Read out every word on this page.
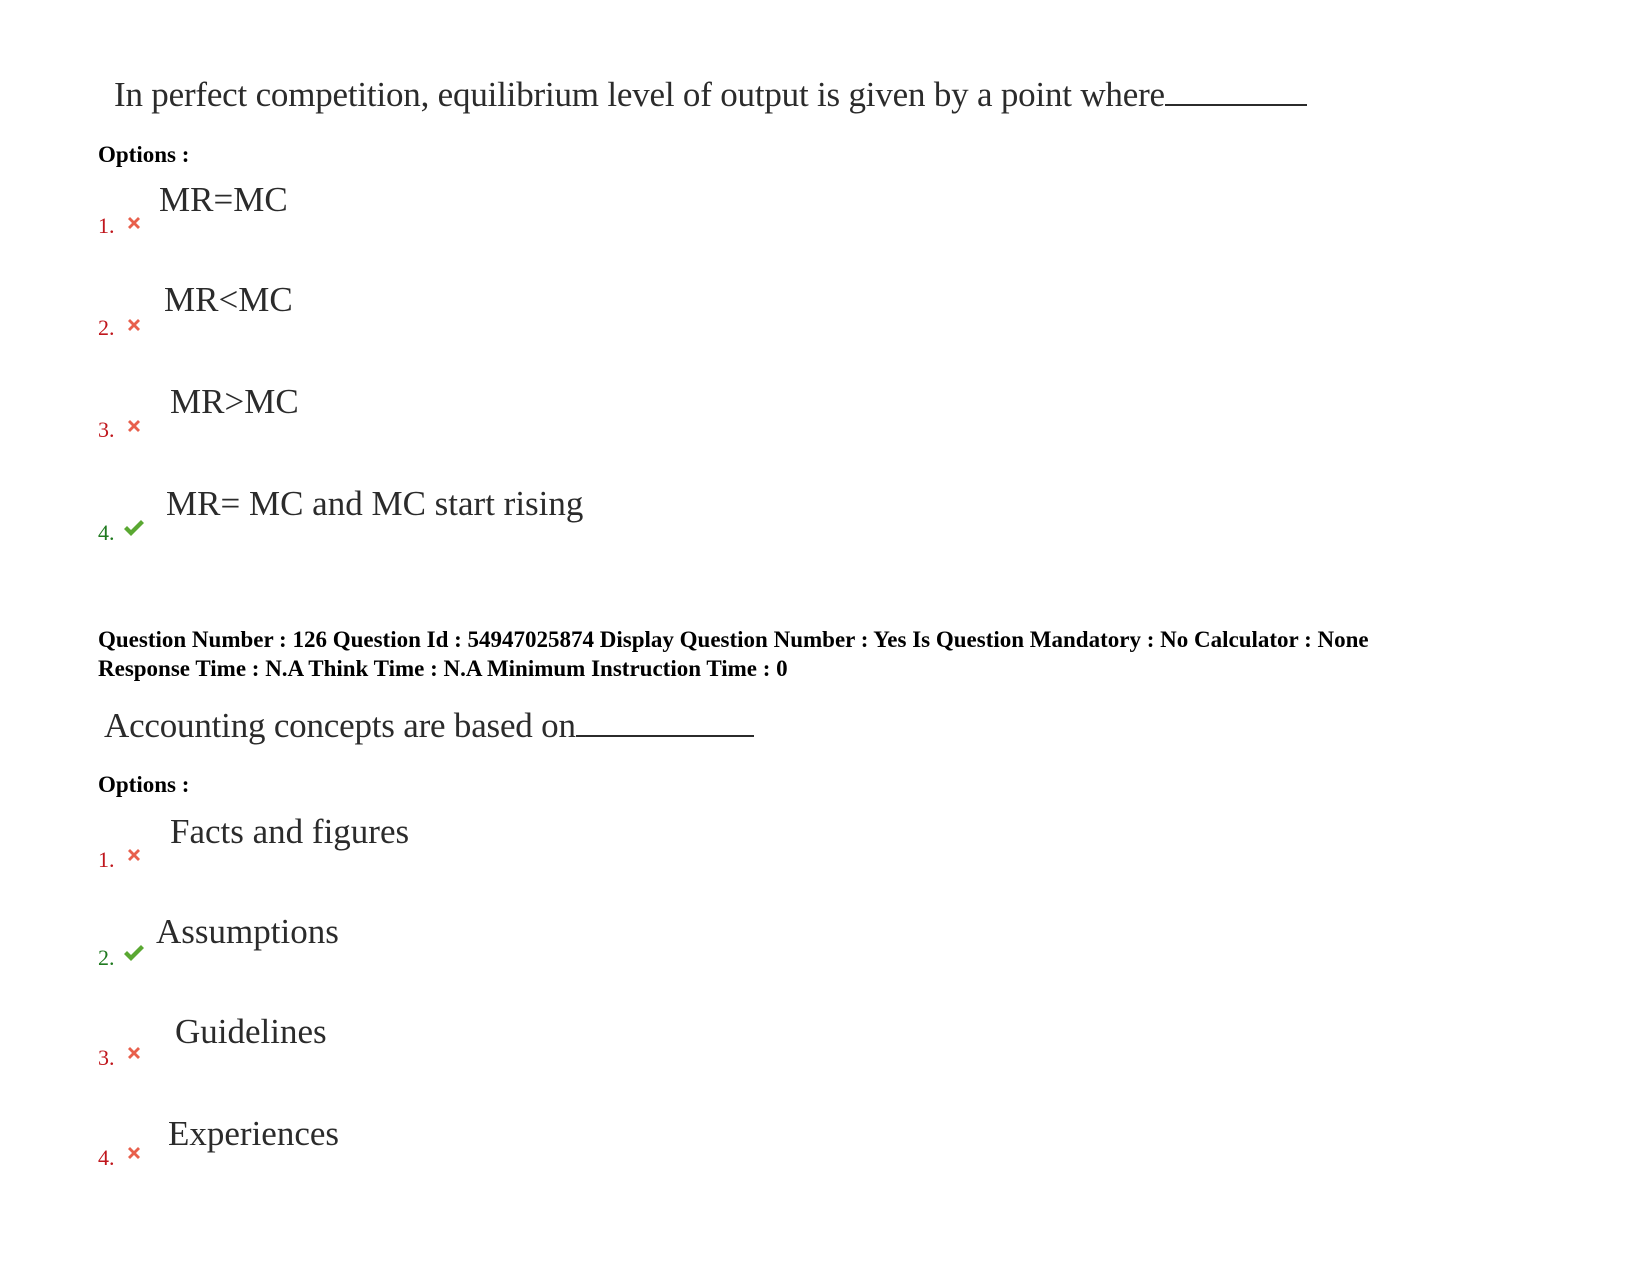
In perfect competition, equilibrium level of output is given by a point where
Options :
1.
MR=MC
2.
MR<MC
3.
MR>MC
4.
MR= MC and MC start rising
Question Number : 126 Question Id : 54947025874 Display Question Number : Yes Is Question Mandatory : No Calculator : None
Response Time : N.A Think Time : N.A Minimum Instruction Time : 0
Accounting concepts are based on
Options :
1.
Facts and figures
2.
Assumptions
3.
Guidelines
4.
Experiences
